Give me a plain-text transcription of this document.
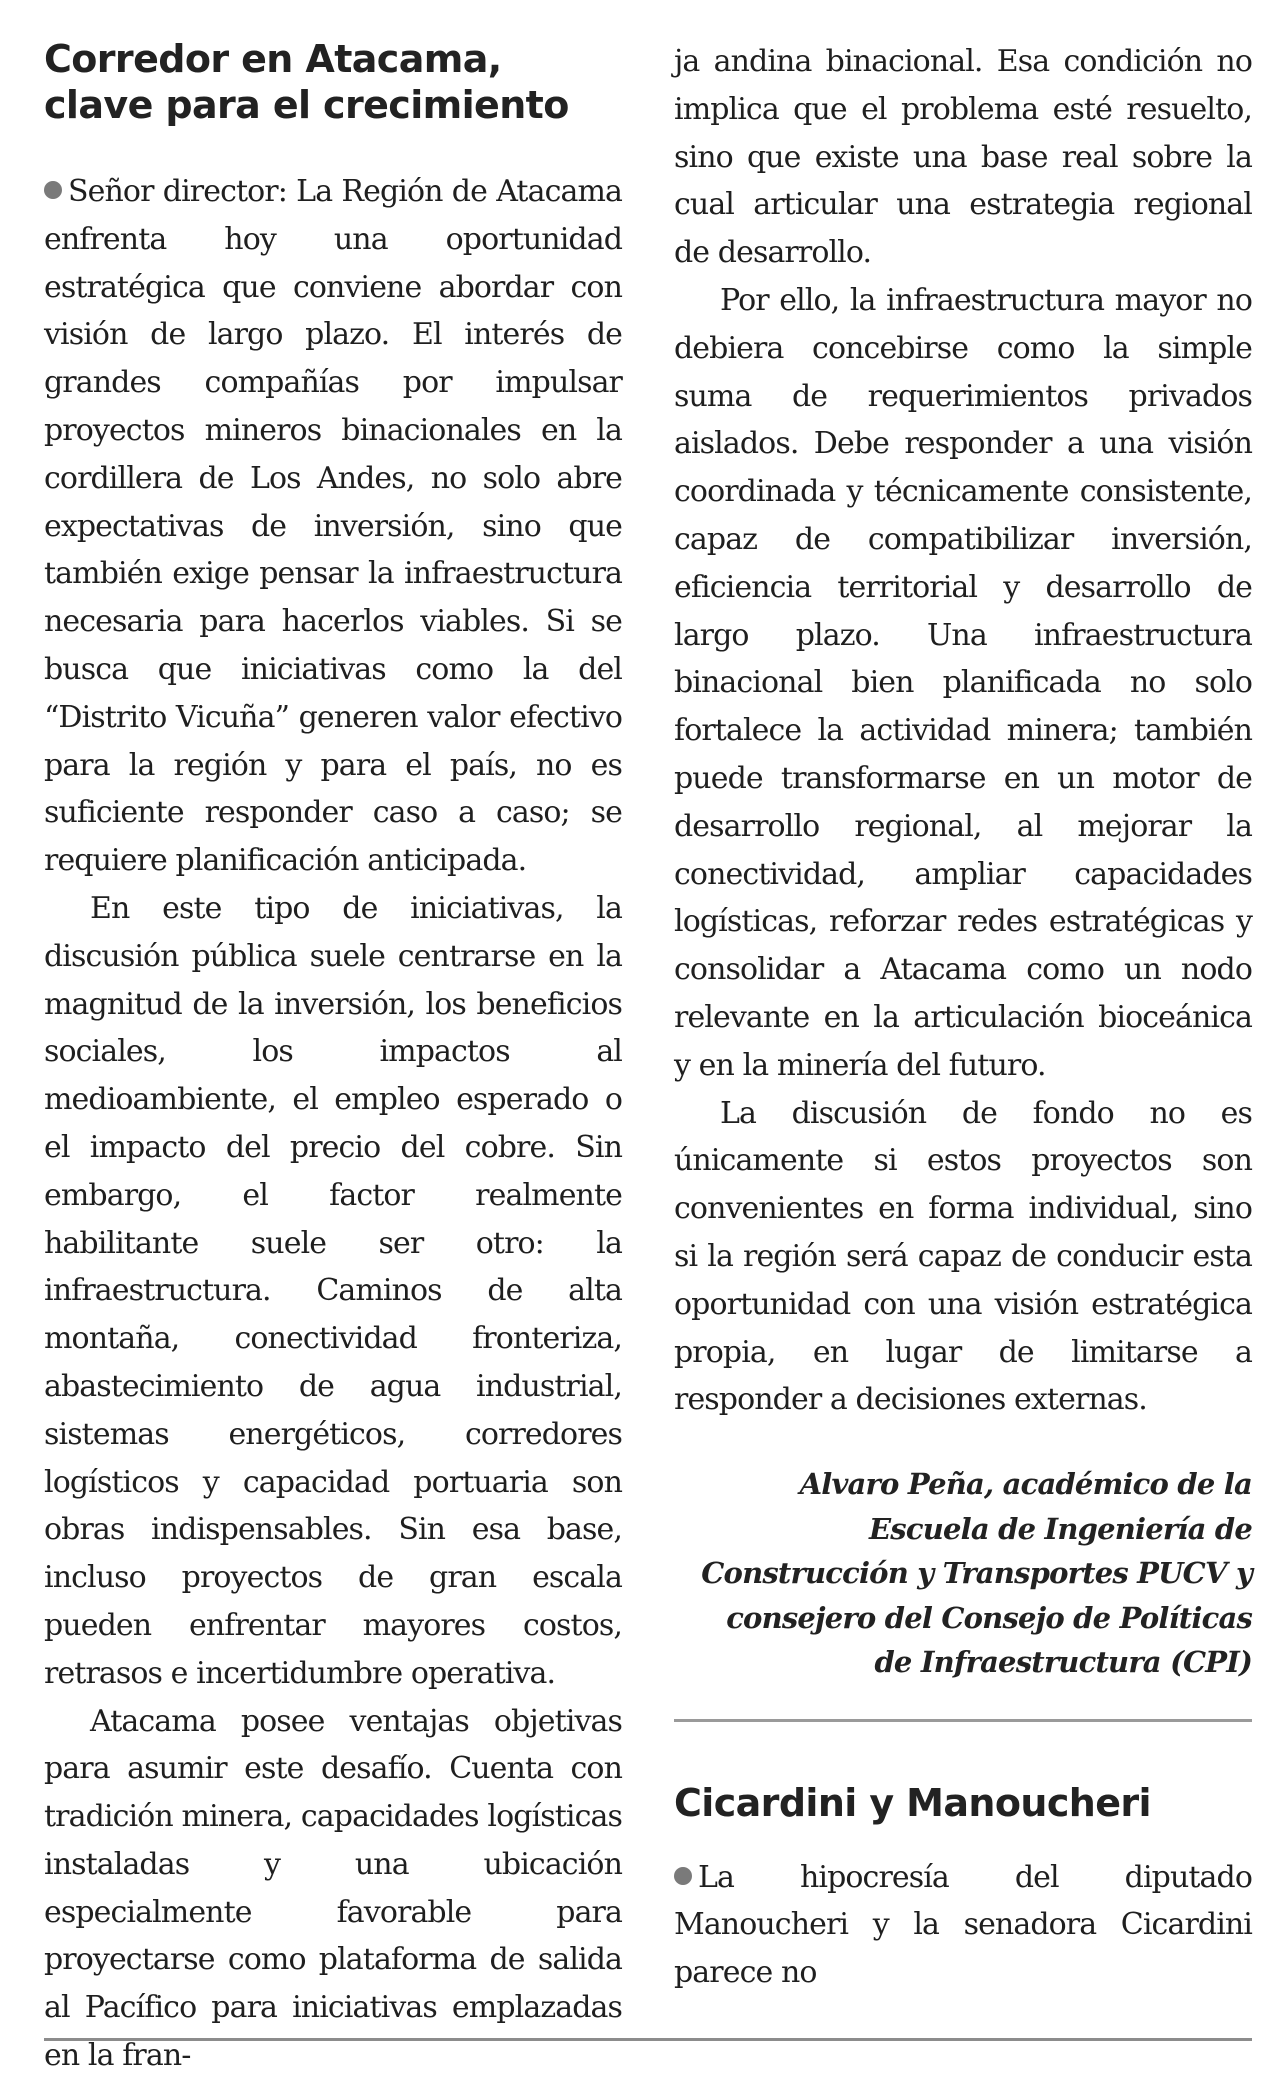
Corredor en Atacama, clave para el crecimiento

Señor director: La Región de Atacama enfrenta hoy una oportunidad estratégica que conviene abordar con visión de largo plazo. El interés de grandes compañías por impulsar proyectos mineros binacionales en la cordillera de Los Andes, no solo abre expectativas de inversión, sino que también exige pensar la infraestructura necesaria para hacerlos viables. Si se busca que iniciativas como la del “Distrito Vicuña” generen valor efectivo para la región y para el país, no es suficiente responder caso a caso; se requiere planificación anticipada.

En este tipo de iniciativas, la discusión pública suele centrarse en la magnitud de la inversión, los beneficios sociales, los impactos al medioambiente, el empleo esperado o el impacto del precio del cobre. Sin embargo, el factor realmente habilitante suele ser otro: la infraestructura. Caminos de alta montaña, conectividad fronteriza, abastecimiento de agua industrial, sistemas energéticos, corredores logísticos y capacidad portuaria son obras indispensables. Sin esa base, incluso proyectos de gran escala pueden enfrentar mayores costos, retrasos e incertidumbre operativa.

Atacama posee ventajas objetivas para asumir este desafío. Cuenta con tradición minera, capacidades logísticas instaladas y una ubicación especialmente favorable para proyectarse como plataforma de salida al Pacífico para iniciativas emplazadas en la fran-

ja andina binacional. Esa condición no implica que el problema esté resuelto, sino que existe una base real sobre la cual articular una estrategia regional de desarrollo.

Por ello, la infraestructura mayor no debiera concebirse como la simple suma de requerimientos privados aislados. Debe responder a una visión coordinada y técnicamente consistente, capaz de compatibilizar inversión, eficiencia territorial y desarrollo de largo plazo. Una infraestructura binacional bien planificada no solo fortalece la actividad minera; también puede transformarse en un motor de desarrollo regional, al mejorar la conectividad, ampliar capacidades logísticas, reforzar redes estratégicas y consolidar a Atacama como un nodo relevante en la articulación bioceánica y en la minería del futuro.

La discusión de fondo no es únicamente si estos proyectos son convenientes en forma individual, sino si la región será capaz de conducir esta oportunidad con una visión estratégica propia, en lugar de limitarse a responder a decisiones externas.

Alvaro Peña, académico de la Escuela de Ingeniería de Construcción y Transportes PUCV y consejero del Consejo de Políticas de Infraestructura (CPI)

Cicardini y Manoucheri

La hipocresía del diputado Manoucheri y la senadora Cicardini parece no
